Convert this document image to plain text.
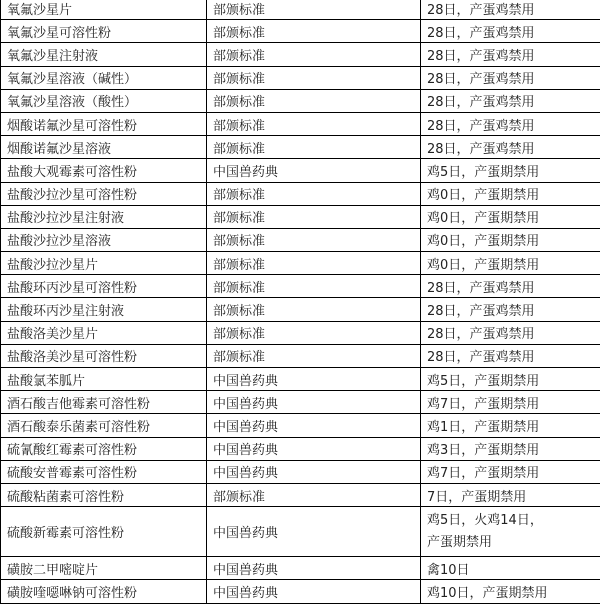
氧氟沙星片	部颁标准	28日，产蛋鸡禁用
氧氟沙星可溶性粉	部颁标准	28日，产蛋鸡禁用
氧氟沙星注射液	部颁标准	28日，产蛋鸡禁用
氧氟沙星溶液（碱性）	部颁标准	28日，产蛋鸡禁用
氧氟沙星溶液（酸性）	部颁标准	28日，产蛋鸡禁用
烟酸诺氟沙星可溶性粉	部颁标准	28日，产蛋鸡禁用
烟酸诺氟沙星溶液	部颁标准	28日，产蛋鸡禁用
盐酸大观霉素可溶性粉	中国兽药典	鸡5日，产蛋期禁用
盐酸沙拉沙星可溶性粉	部颁标准	鸡0日，产蛋期禁用
盐酸沙拉沙星注射液	部颁标准	鸡0日，产蛋期禁用
盐酸沙拉沙星溶液	部颁标准	鸡0日，产蛋期禁用
盐酸沙拉沙星片	部颁标准	鸡0日，产蛋期禁用
盐酸环丙沙星可溶性粉	部颁标准	28日，产蛋鸡禁用
盐酸环丙沙星注射液	部颁标准	28日，产蛋鸡禁用
盐酸洛美沙星片	部颁标准	28日，产蛋鸡禁用
盐酸洛美沙星可溶性粉	部颁标准	28日，产蛋鸡禁用
盐酸氯苯胍片	中国兽药典	鸡5日，产蛋期禁用
酒石酸吉他霉素可溶性粉	中国兽药典	鸡7日，产蛋期禁用
酒石酸泰乐菌素可溶性粉	中国兽药典	鸡1日，产蛋期禁用
硫氰酸红霉素可溶性粉	中国兽药典	鸡3日，产蛋期禁用
硫酸安普霉素可溶性粉	中国兽药典	鸡7日，产蛋期禁用
硫酸粘菌素可溶性粉	部颁标准	7日，产蛋期禁用
硫酸新霉素可溶性粉	中国兽药典	鸡5日，火鸡14日，
产蛋期禁用

磺胺二甲嘧啶片	中国兽药典	禽10日
磺胺喹噁啉钠可溶性粉	中国兽药典	鸡10日，产蛋期禁用
